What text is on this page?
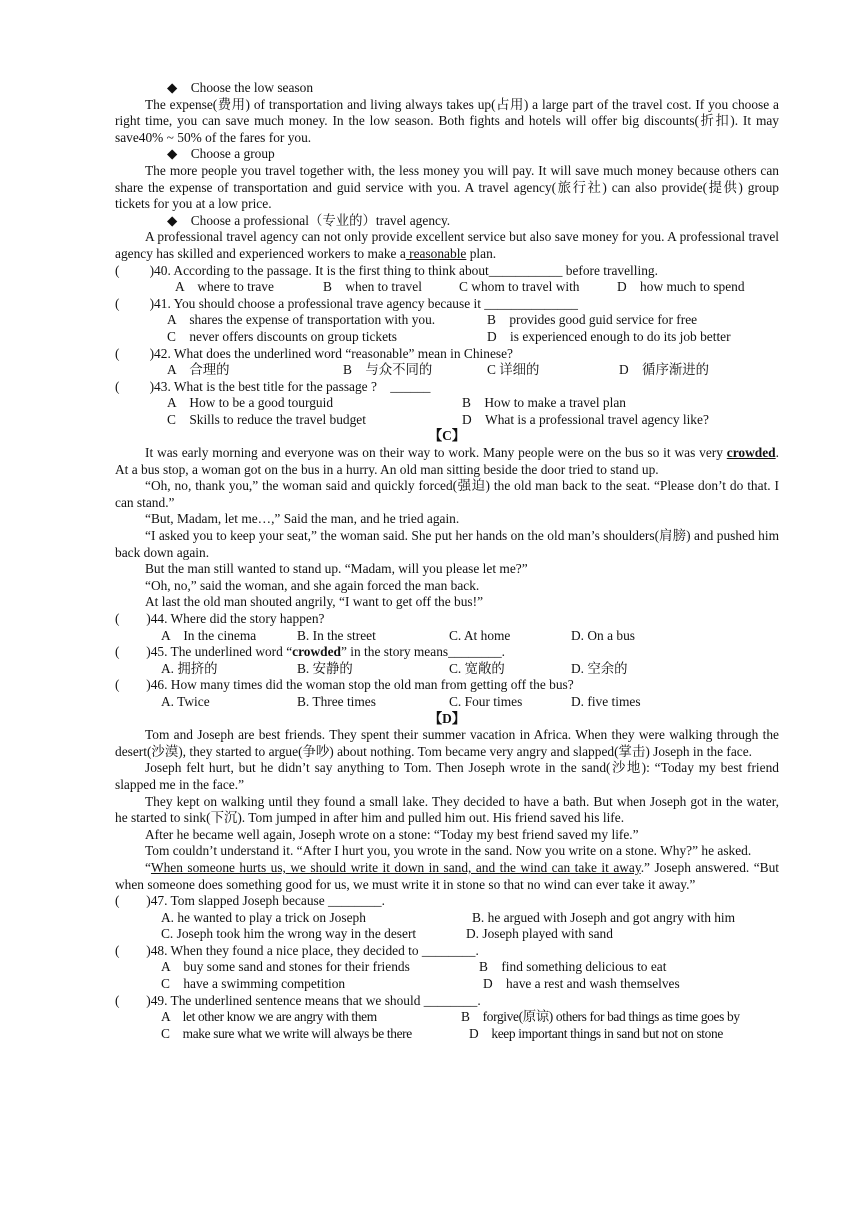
◆　Choose the low season
The expense(费用) of transportation and living always takes up(占用) a large part of the travel cost. If you choose a right time, you can save much money. In the low season. Both fights and hotels will offer big discounts(折扣). It may save40% ~ 50% of the fares for you.
◆　Choose a group
The more people you travel together with, the less money you will pay. It will save much money because others can share the expense of transportation and guid service with you. A travel agency(旅行社) can also provide(提供) group tickets for you at a low price.
◆　Choose a professional（专业的）travel agency.
A professional travel agency can not only provide excellent service but also save money for you. A professional travel agency has skilled and experienced workers to make a reasonable plan.
(　　 )40. According to the passage. It is the first thing to think about___________ before travelling.
A　where to trave	B　when to travel	C whom to travel with	D　how much to spend
(　　 )41. You should choose a professional trave agency because it ______________
A　shares the expense of transportation with you.	B　provides good guid service for free
C　never offers discounts on group tickets	D　is experienced enough to do its job better
(　　 )42. What does the underlined word “reasonable” mean in Chinese?
A　合理的	B　与众不同的	C 详细的	D　循序渐进的
(　　 )43. What is the best title for the passage ?　______
A　How to be a good tourguid	B　How to make a travel plan
C　Skills to reduce the travel budget	D　What is a professional travel agency like?
【C】
It was early morning and everyone was on their way to work. Many people were on the bus so it was very crowded. At a bus stop, a woman got on the bus in a hurry. An old man sitting beside the door tried to stand up.
“Oh, no, thank you,” the woman said and quickly forced(强迫) the old man back to the seat. “Please don’t do that. I can stand.”
“But, Madam, let me…,” Said the man, and he tried again.
“I asked you to keep your seat,” the woman said. She put her hands on the old man’s shoulders(肩膀) and pushed him back down again.
But the man still wanted to stand up. “Madam, will you please let me?”
“Oh, no,” said the woman, and she again forced the man back.
At last the old man shouted angrily, “I want to get off the bus!”
(　　)44. Where did the story happen?
A　In the cinema	B. In the street	C. At home	D. On a bus
(　　)45. The underlined word “crowded” in the story means________.
A. 拥挤的	B. 安静的	C. 宽敞的	D. 空余的
(　　)46. How many times did the woman stop the old man from getting off the bus?
A. Twice	B. Three times	C. Four times	D. five times
【D】
Tom and Joseph are best friends. They spent their summer vacation in Africa. When they were walking through the desert(沙漠), they started to argue(争吵) about nothing. Tom became very angry and slapped(掌击) Joseph in the face.
Joseph felt hurt, but he didn’t say anything to Tom. Then Joseph wrote in the sand(沙地): “Today my best friend slapped me in the face.”
They kept on walking until they found a small lake. They decided to have a bath. But when Joseph got in the water, he started to sink(下沉). Tom jumped in after him and pulled him out. His friend saved his life.
After he became well again, Joseph wrote on a stone: “Today my best friend saved my life.”
Tom couldn’t understand it. “After I hurt you, you wrote in the sand. Now you write on a stone. Why?” he asked.
“When someone hurts us, we should write it down in sand, and the wind can take it away.” Joseph answered. “But when someone does something good for us, we must write it in stone so that no wind can ever take it away.”
(　　)47. Tom slapped Joseph because ________.
A. he wanted to play a trick on Joseph	B. he argued with Joseph and got angry with him
C. Joseph took him the wrong way in the desert	D. Joseph played with sand
(　　)48. When they found a nice place, they decided to ________.
A　buy some sand and stones for their friends	B　find something delicious to eat
C　have a swimming competition	D　have a rest and wash themselves
(　　)49. The underlined sentence means that we should ________.
A　let other know we are angry with them	B　forgive(原谅) others for bad things as time goes by
C　make sure what we write will always be there	D　keep important things in sand but not on stone
